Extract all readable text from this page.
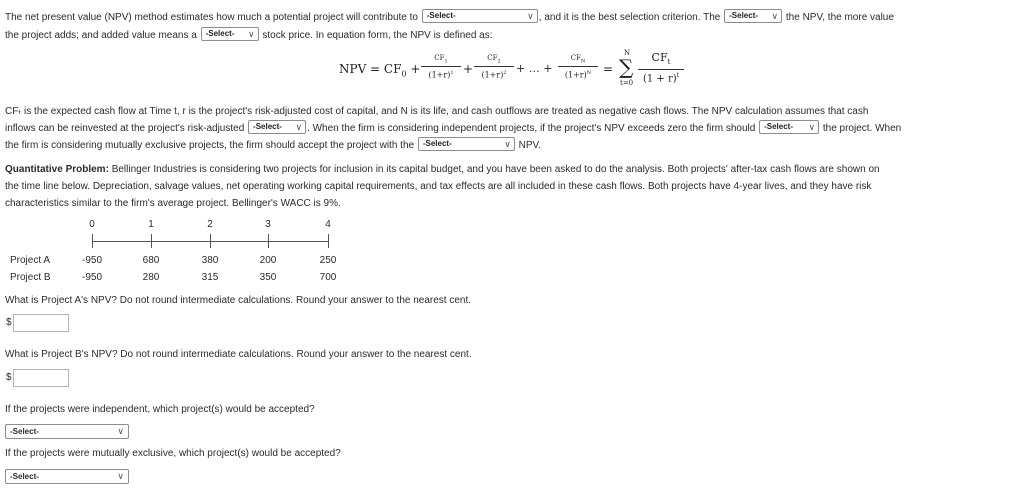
The net present value (NPV) method estimates how much a potential project will contribute to -Select-	∨ , and it is the best selection criterion. The -Select- ∨ the NPV, the more value
the project adds; and added value means a -Select- ∨ stock price. In equation form, the NPV is defined as:
NPV = $CF_0 + \frac{CF_1}{(1+r)^1} + \frac{CF_2}{(1+r)^2}$ + … +
$CF_N$
$(1+r)^N$ =
N
∑
t=0
$CF_t$
$(1 + r)^t$
CFₜ is the expected cash flow at Time t, r is the project's risk-adjusted cost of capital, and N is its life, and cash outflows are treated as negative cash flows. The NPV calculation assumes that cash
inflows can be reinvested at the project's risk-adjusted -Select- ∨ . When the firm is considering independent projects, if the project's NPV exceeds zero the firm should -Select- ∨ the project. When
the firm is considering mutually exclusive projects, the firm should accept the project with the -Select-	∨ NPV.
Quantitative Problem: Bellinger Industries is considering two projects for inclusion in its capital budget, and you have been asked to do the analysis. Both projects' after-tax cash flows are shown on
the time line below. Depreciation, salvage values, net operating working capital requirements, and tax effects are all included in these cash flows. Both projects have 4-year lives, and they have risk
characteristics similar to the firm's average project. Bellinger's WACC is 9%.
0	1	2	3	4
Project A	-950	680	380	200	250
Project B	-950	280	315	350	700
What is Project A's NPV? Do not round intermediate calculations. Round your answer to the nearest cent.
$
What is Project B's NPV? Do not round intermediate calculations. Round your answer to the nearest cent.
$
If the projects were independent, which project(s) would be accepted?
-Select-	∨
If the projects were mutually exclusive, which project(s) would be accepted?
-Select-	∨
